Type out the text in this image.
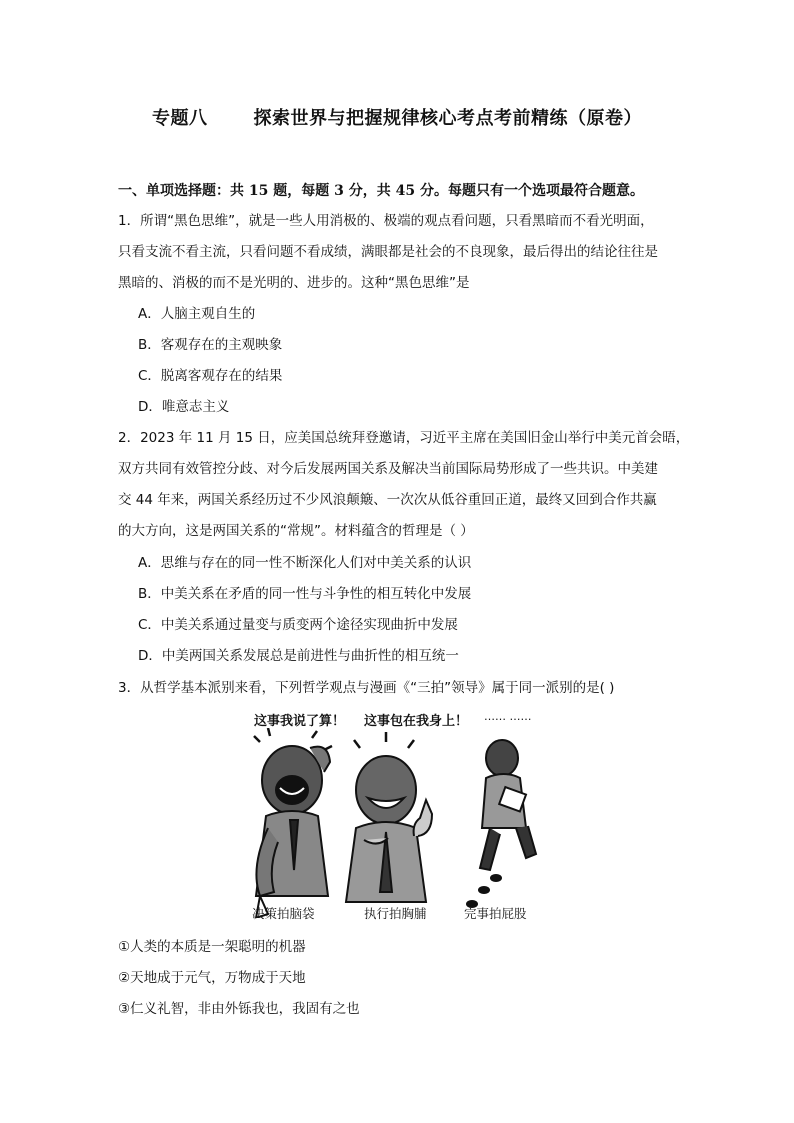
专题八	探索世界与把握规律核心考点考前精练（原卷）
一、单项选择题：共 15 题，每题 3 分，共 45 分。每题只有一个选项最符合题意。
1．所谓“黑色思维”，就是一些人用消极的、极端的观点看问题，只看黑暗而不看光明面，
只看支流不看主流，只看问题不看成绩，满眼都是社会的不良现象，最后得出的结论往往是
黑暗的、消极的而不是光明的、进步的。这种“黑色思维”是
A．人脑主观自生的
B．客观存在的主观映象
C．脱离客观存在的结果
D．唯意志主义
2．2023 年 11 月 15 日，应美国总统拜登邀请，习近平主席在美国旧金山举行中美元首会晤，
双方共同有效管控分歧、对今后发展两国关系及解决当前国际局势形成了一些共识。中美建
交 44 年来，两国关系经历过不少风浪颠簸、一次次从低谷重回正道，最终又回到合作共赢
的大方向，这是两国关系的“常规”。材料蕴含的哲理是（ ）
A．思维与存在的同一性不断深化人们对中美关系的认识
B．中美关系在矛盾的同一性与斗争性的相互转化中发展
C．中美关系通过量变与质变两个途径实现曲折中发展
D．中美两国关系发展总是前进性与曲折性的相互统一
3．从哲学基本派别来看，下列哲学观点与漫画《“三拍”领导》属于同一派别的是( )
这事我说了算！ 这事包在我身上！ …… ……
决策拍脑袋	执行拍胸脯	完事拍屁股
①人类的本质是一架聪明的机器
②天地成于元气，万物成于天地
③仁义礼智，非由外铄我也，我固有之也
